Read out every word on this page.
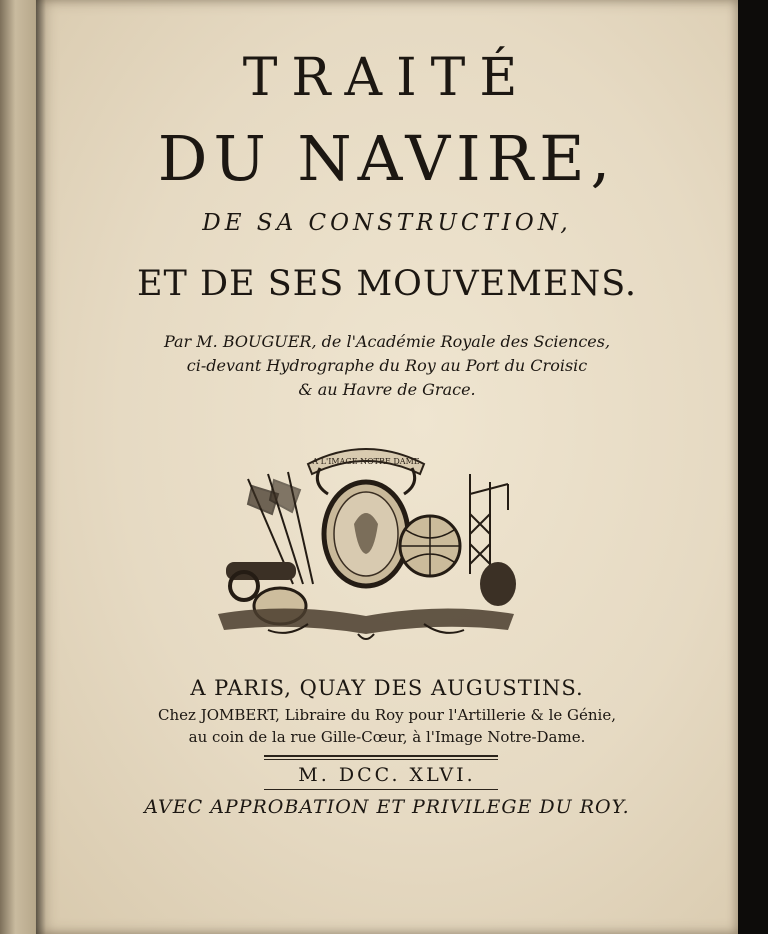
TRAITÉ
DU NAVIRE,
DE SA CONSTRUCTION,
ET DE SES MOUVEMENS.
Par M. BOUGUER, de l'Académie Royale des Sciences,
ci-devant Hydrographe du Roy au Port du Croisic
& au Havre de Grace.
A L'IMAGE NOTRE DAME
A PARIS, QUAY DES AUGUSTINS.
Chez JOMBERT, Libraire du Roy pour l'Artillerie & le Génie,
au coin de la rue Gille-Cœur, à l'Image Notre-Dame.
M. DCC. XLVI.
AVEC APPROBATION ET PRIVILEGE DU ROY.
